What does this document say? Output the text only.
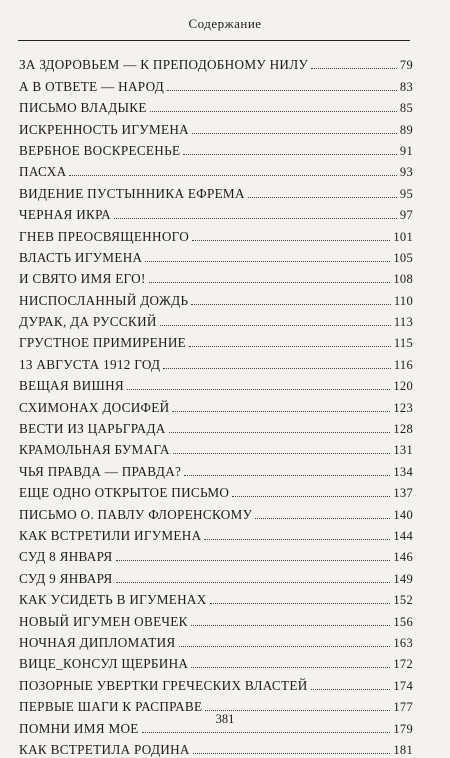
Содержание
ЗА ЗДОРОВЬЕМ — К ПРЕПОДОБНОМУ НИЛУ	79
А В ОТВЕТЕ — НАРОД	83
ПИСЬМО ВЛАДЫКЕ	85
ИСКРЕННОСТЬ ИГУМЕНА	89
ВЕРБНОЕ ВОСКРЕСЕНЬЕ	91
ПАСХА	93
ВИДЕНИЕ ПУСТЫННИКА ЕФРЕМА	95
ЧЕРНАЯ ИКРА	97
ГНЕВ ПРЕОСВЯЩЕННОГО	101
ВЛАСТЬ ИГУМЕНА	105
И СВЯТО ИМЯ ЕГО!	108
НИСПОСЛАННЫЙ ДОЖДЬ	110
ДУРАК, ДА РУССКИЙ	113
ГРУСТНОЕ ПРИМИРЕНИЕ	115
13 АВГУСТА 1912 ГОД	116
ВЕЩАЯ ВИШНЯ	120
СХИМОНАХ ДОСИФЕЙ	123
ВЕСТИ ИЗ ЦАРЬГРАДА	128
КРАМОЛЬНАЯ БУМАГА	131
ЧЬЯ ПРАВДА — ПРАВДА?	134
ЕЩЕ ОДНО ОТКРЫТОЕ ПИСЬМО	137
ПИСЬМО О. ПАВЛУ ФЛОРЕНСКОМУ	140
КАК ВСТРЕТИЛИ ИГУМЕНА	144
СУД 8 ЯНВАРЯ	146
СУД 9 ЯНВАРЯ	149
КАК УСИДЕТЬ В ИГУМЕНАХ	152
НОВЫЙ ИГУМЕН ОВЕЧЕК	156
НОЧНАЯ ДИПЛОМАТИЯ	163
ВИЦЕ_КОНСУЛ ЩЕРБИНА	172
ПОЗОРНЫЕ УВЕРТКИ ГРЕЧЕСКИХ ВЛАСТЕЙ	174
ПЕРВЫЕ ШАГИ К РАСПРАВЕ	177
ПОМНИ ИМЯ МОЕ	179
КАК ВСТРЕТИЛА РОДИНА	181
381
